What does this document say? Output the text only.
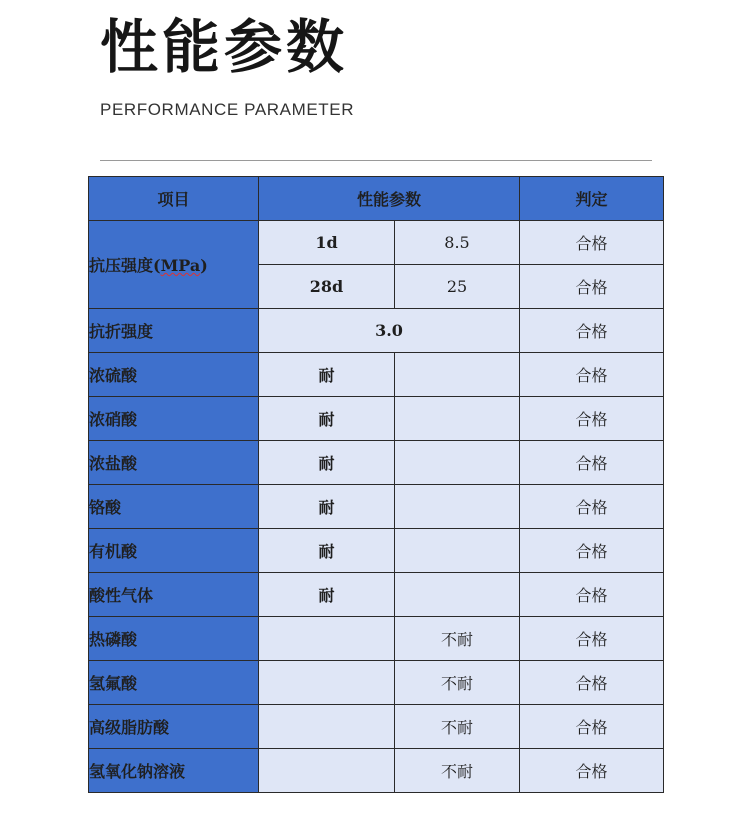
性能参数
PERFORMANCE PARAMETER
项目	性能参数		判定
抗压强度(MPa)	1d	8.5	合格
	28d	25	合格
抗折强度	3.0		合格
浓硫酸	耐		合格
浓硝酸	耐		合格
浓盐酸	耐		合格
铬酸	耐		合格
有机酸	耐		合格
酸性气体	耐		合格
热磷酸		不耐	合格
氢氟酸		不耐	合格
高级脂肪酸		不耐	合格
氢氧化钠溶液		不耐	合格
